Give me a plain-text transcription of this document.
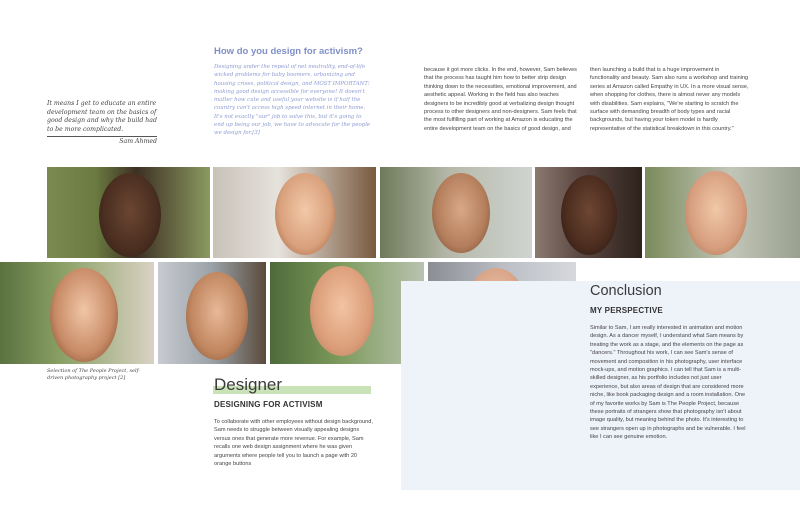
It means I get to educate an entire development team on the basics of good design and why the build had to be more complicated.
Sam Ahmed
How do you design for activism?
Designing under the repeal of net neutrality, end-of-life wicked problems for baby boomers, urbanizing and housing crises, political design, and MOST IMPORTANT: making good design accessible for everyone! It doesn't matter how cute and useful your website is if half the country can't access high speed internet in their home. It's not exactly "our" job to solve this, but it's going to end up being our job, we have to advocate for the people we design for.[3]
because it got more clicks. In the end, however, Sam believes that the process has taught him how to better strip design thinking down to the necessities, emotional improvement, and aesthetic appeal. Working in the field has also teaches designers to be incredibly good at verbalizing design thought process to other designers and non-designers. Sam feels that the most fulfilling part of working at Amazon is educating the entire development team on the basics of good design, and
then launching a build that is a huge improvement in functionality and beauty. Sam also runs a workshop and training series at Amazon called Empathy in UX. In a more visual sense, when shopping for clothes, there is almost never any models with disabilities. Sam explains, "We're starting to scratch the surface with demanding breadth of body types and racial backgrounds, but having your token model is hardly representative of the statistical breakdown in this country."
Selection of The People Project, self-driven photography project [2]	Designer
DESIGNING FOR ACTIVISM
To collaborate with other employees without design background, Sam needs to struggle between visually appealing designs versus ones that generate more revenue. For example, Sam recalls one web design assignment where he was given arguments where people tell you to launch a page with 20 orange buttons
Conclusion
MY PERSPECTIVE
Similar to Sam, I am really interested in animation and motion design. As a dancer myself, I understand what Sam means by treating the work as a stage, and the elements on the page as "dancers." Throughout his work, I can see Sam's sense of movement and composition in his photography, user interface mock-ups, and motion graphics. I can tell that Sam is a multi-skilled designer, as his portfolio includes not just user experience, but also areas of design that are considered more niche, like book packaging design and a room installation. One of my favorite works by Sam is The People Project, because these portraits of strangers show that photography isn't about image quality, but meaning behind the photo. It's interesting to see strangers open up in photographs and be vulnerable. I feel like I can see genuine emotion.
